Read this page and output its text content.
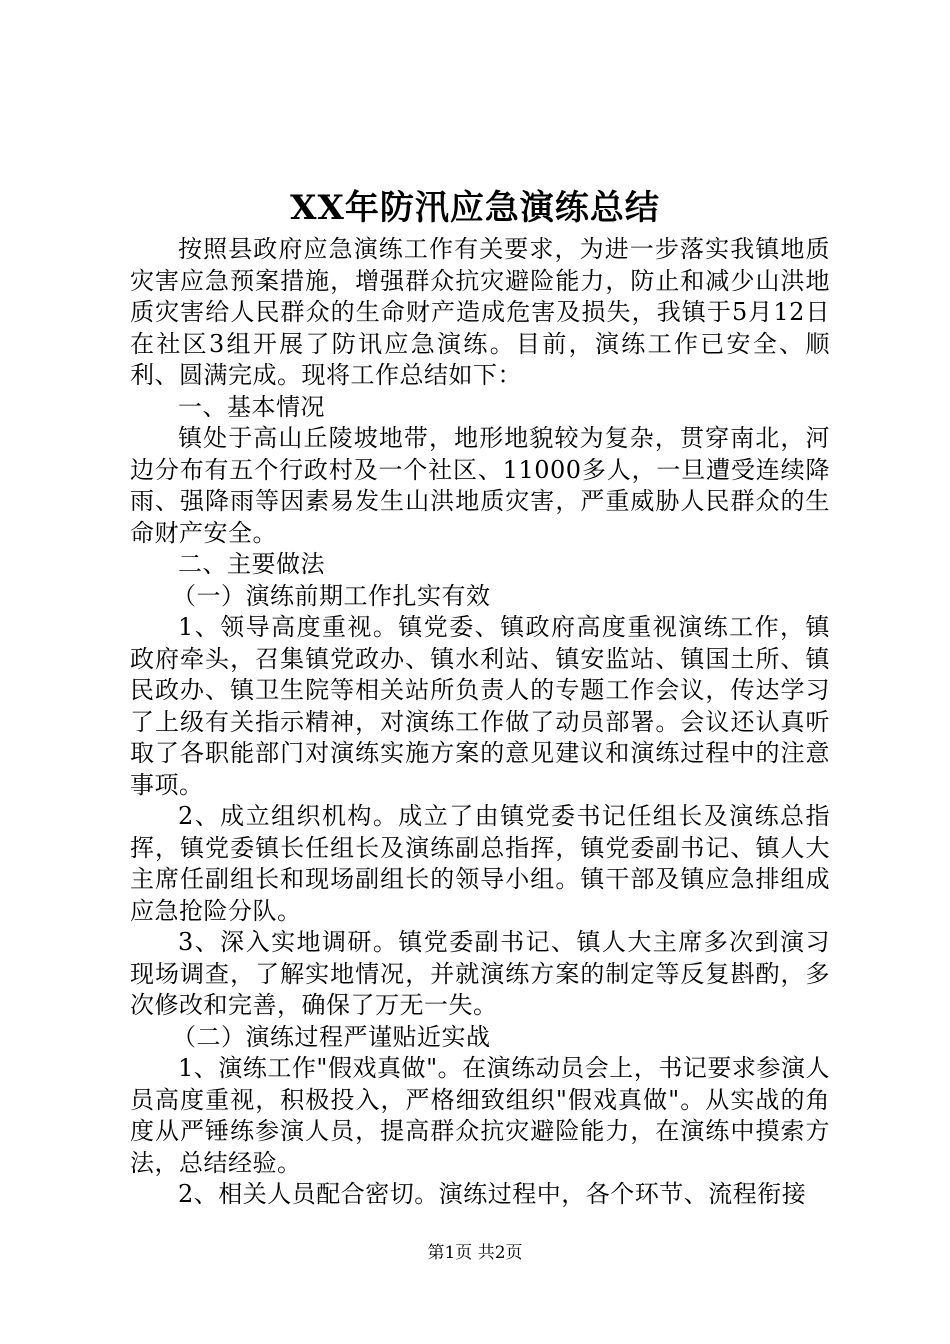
XX年防汛应急演练总结

按照县政府应急演练工作有关要求，为进一步落实我镇地质灾害应急预案措施，增强群众抗灾避险能力，防止和减少山洪地质灾害给人民群众的生命财产造成危害及损失，我镇于5月12日在社区3组开展了防讯应急演练。目前，演练工作已安全、顺利、圆满完成。现将工作总结如下：

一、基本情况

镇处于高山丘陵坡地带，地形地貌较为复杂，贯穿南北，河边分布有五个行政村及一个社区、11000多人，一旦遭受连续降雨、强降雨等因素易发生山洪地质灾害，严重威胁人民群众的生命财产安全。

二、主要做法

（一）演练前期工作扎实有效

1、领导高度重视。镇党委、镇政府高度重视演练工作，镇政府牵头，召集镇党政办、镇水利站、镇安监站、镇国土所、镇民政办、镇卫生院等相关站所负责人的专题工作会议，传达学习了上级有关指示精神，对演练工作做了动员部署。会议还认真听取了各职能部门对演练实施方案的意见建议和演练过程中的注意事项。

2、成立组织机构。成立了由镇党委书记任组长及演练总指挥，镇党委镇长任组长及演练副总指挥，镇党委副书记、镇人大主席任副组长和现场副组长的领导小组。镇干部及镇应急排组成应急抢险分队。

3、深入实地调研。镇党委副书记、镇人大主席多次到演习现场调查，了解实地情况，并就演练方案的制定等反复斟酌，多次修改和完善，确保了万无一失。

（二）演练过程严谨贴近实战

1、演练工作"假戏真做"。在演练动员会上，书记要求参演人员高度重视，积极投入，严格细致组织"假戏真做"。从实战的角度从严锤练参演人员，提高群众抗灾避险能力，在演练中摸索方法，总结经验。

2、相关人员配合密切。演练过程中，各个环节、流程衔接

第1页 共2页
